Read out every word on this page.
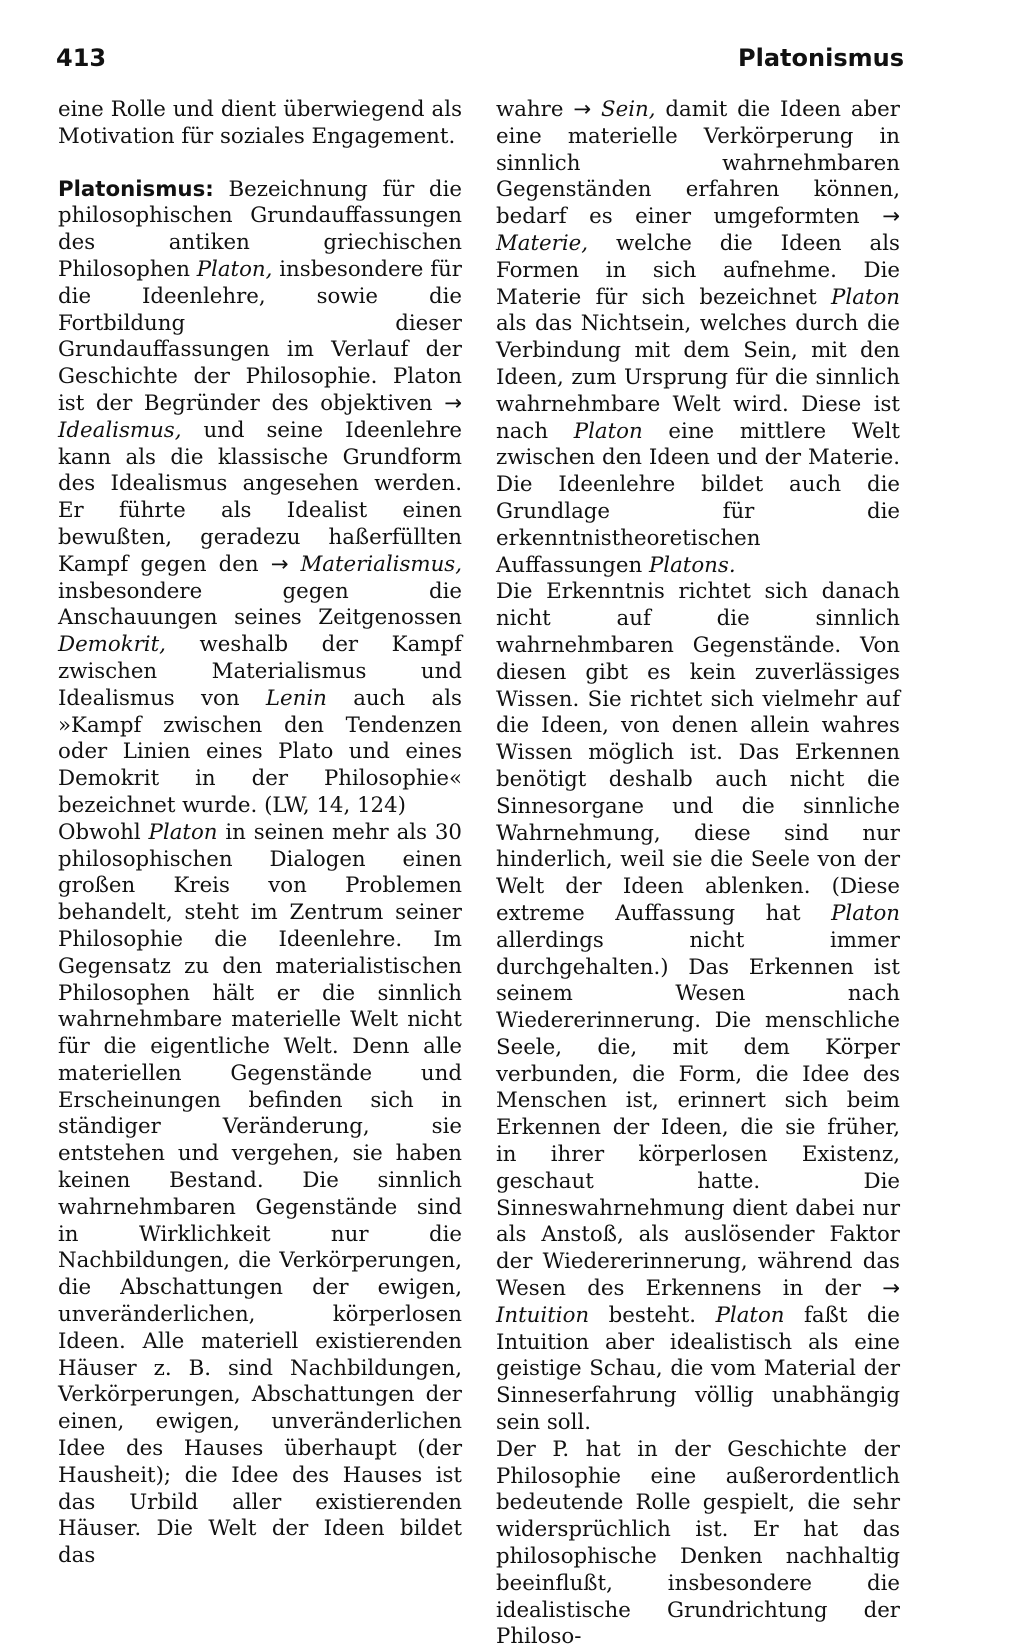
413	Platonismus

eine Rolle und dient überwiegend als Motivation für soziales Engagement.

Platonismus: Bezeichnung für die philosophischen Grundauffassungen des antiken griechischen Philosophen Platon, insbesondere für die Ideenlehre, sowie die Fortbildung dieser Grundauffassungen im Verlauf der Geschichte der Philosophie. Platon ist der Begründer des objektiven → Idealismus, und seine Ideenlehre kann als die klassische Grundform des Idealismus angesehen werden. Er führte als Idealist einen bewußten, geradezu haßerfüllten Kampf gegen den → Materialismus, insbesondere gegen die Anschauungen seines Zeitgenossen Demokrit, weshalb der Kampf zwischen Materialismus und Idealismus von Lenin auch als »Kampf zwischen den Tendenzen oder Linien eines Plato und eines Demokrit in der Philosophie« bezeichnet wurde. (LW, 14, 124)

Obwohl Platon in seinen mehr als 30 philosophischen Dialogen einen großen Kreis von Problemen behandelt, steht im Zentrum seiner Philosophie die Ideenlehre. Im Gegensatz zu den materialistischen Philosophen hält er die sinnlich wahrnehmbare materielle Welt nicht für die eigentliche Welt. Denn alle materiellen Gegenstände und Erscheinungen befinden sich in ständiger Veränderung, sie entstehen und vergehen, sie haben keinen Bestand. Die sinnlich wahrnehmbaren Gegenstände sind in Wirklichkeit nur die Nachbildungen, die Verkörperungen, die Abschattungen der ewigen, unveränderlichen, körperlosen Ideen. Alle materiell existierenden Häuser z. B. sind Nachbildungen, Verkörperungen, Abschattungen der einen, ewigen, unveränderlichen Idee des Hauses überhaupt (der Hausheit); die Idee des Hauses ist das Urbild aller existierenden Häuser. Die Welt der Ideen bildet das

wahre → Sein, damit die Ideen aber eine materielle Verkörperung in sinnlich wahrnehmbaren Gegenständen erfahren können, bedarf es einer umgeformten → Materie, welche die Ideen als Formen in sich aufnehme. Die Materie für sich bezeichnet Platon als das Nichtsein, welches durch die Verbindung mit dem Sein, mit den Ideen, zum Ursprung für die sinnlich wahrnehmbare Welt wird. Diese ist nach Platon eine mittlere Welt zwischen den Ideen und der Materie. Die Ideenlehre bildet auch die Grundlage für die erkenntnistheoretischen Auffassungen Platons.

Die Erkenntnis richtet sich danach nicht auf die sinnlich wahrnehmbaren Gegenstände. Von diesen gibt es kein zuverlässiges Wissen. Sie richtet sich vielmehr auf die Ideen, von denen allein wahres Wissen möglich ist. Das Erkennen benötigt deshalb auch nicht die Sinnesorgane und die sinnliche Wahrnehmung, diese sind nur hinderlich, weil sie die Seele von der Welt der Ideen ablenken. (Diese extreme Auffassung hat Platon allerdings nicht immer durchgehalten.) Das Erkennen ist seinem Wesen nach Wiedererinnerung. Die menschliche Seele, die, mit dem Körper verbunden, die Form, die Idee des Menschen ist, erinnert sich beim Erkennen der Ideen, die sie früher, in ihrer körperlosen Existenz, geschaut hatte. Die Sinneswahrnehmung dient dabei nur als Anstoß, als auslösender Faktor der Wiedererinnerung, während das Wesen des Erkennens in der → Intuition besteht. Platon faßt die Intuition aber idealistisch als eine geistige Schau, die vom Material der Sinneserfahrung völlig unabhängig sein soll.

Der P. hat in der Geschichte der Philosophie eine außerordentlich bedeutende Rolle gespielt, die sehr widersprüchlich ist. Er hat das philosophische Denken nachhaltig beeinflußt, insbesondere die idealistische Grundrichtung der Philoso-
